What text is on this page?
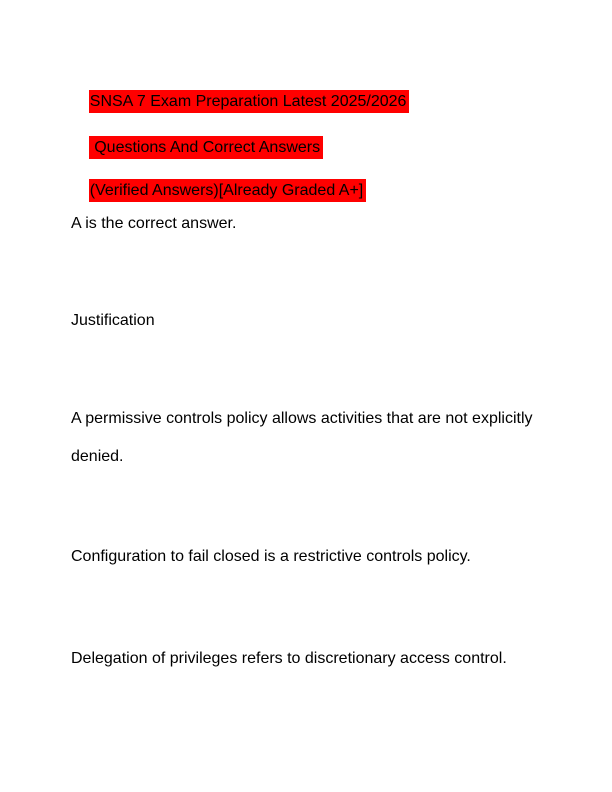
SNSA 7 Exam Preparation Latest 2025/2026

Questions And Correct Answers

(Verified Answers)[Already Graded A+]

A is the correct answer.
Justification
A permissive controls policy allows activities that are not explicitly denied.
Configuration to fail closed is a restrictive controls policy.
Delegation of privileges refers to discretionary access control.
